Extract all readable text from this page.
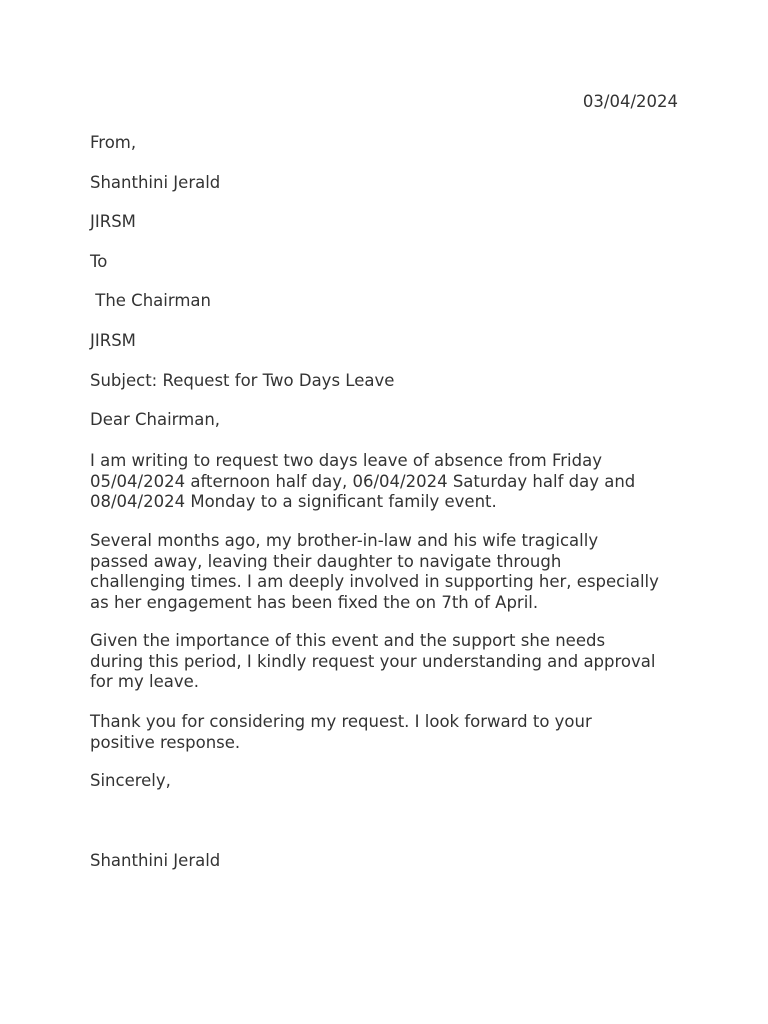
03/04/2024
From,
Shanthini Jerald
JIRSM
To
The Chairman
JIRSM
Subject: Request for Two Days Leave
Dear Chairman,
I am writing to request two days leave of absence from Friday
05/04/2024 afternoon half day, 06/04/2024 Saturday half day and
08/04/2024 Monday to a significant family event.
Several months ago, my brother-in-law and his wife tragically
passed away, leaving their daughter to navigate through
challenging times. I am deeply involved in supporting her, especially
as her engagement has been fixed the on 7th of April.
Given the importance of this event and the support she needs
during this period, I kindly request your understanding and approval
for my leave.
Thank you for considering my request. I look forward to your
positive response.
Sincerely,
Shanthini Jerald
